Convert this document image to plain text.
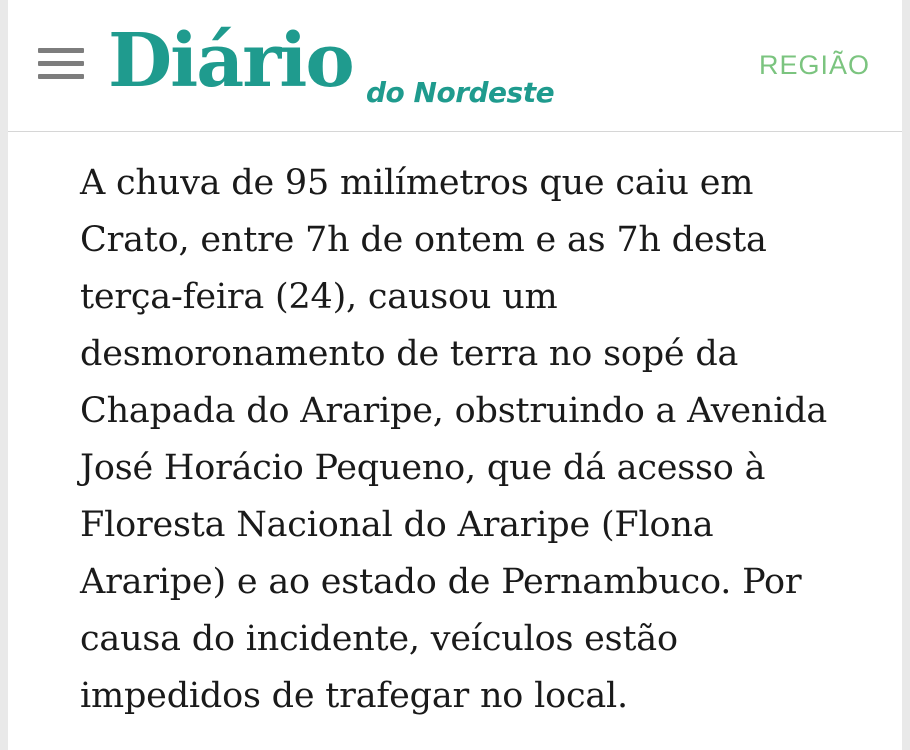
Diário do Nordeste
REGIÃO

A chuva de 95 milímetros que caiu em Crato, entre 7h de ontem e as 7h desta terça-feira (24), causou um desmoronamento de terra no sopé da Chapada do Araripe, obstruindo a Avenida José Horácio Pequeno, que dá acesso à Floresta Nacional do Araripe (Flona Araripe) e ao estado de Pernambuco. Por causa do incidente, veículos estão impedidos de trafegar no local.
